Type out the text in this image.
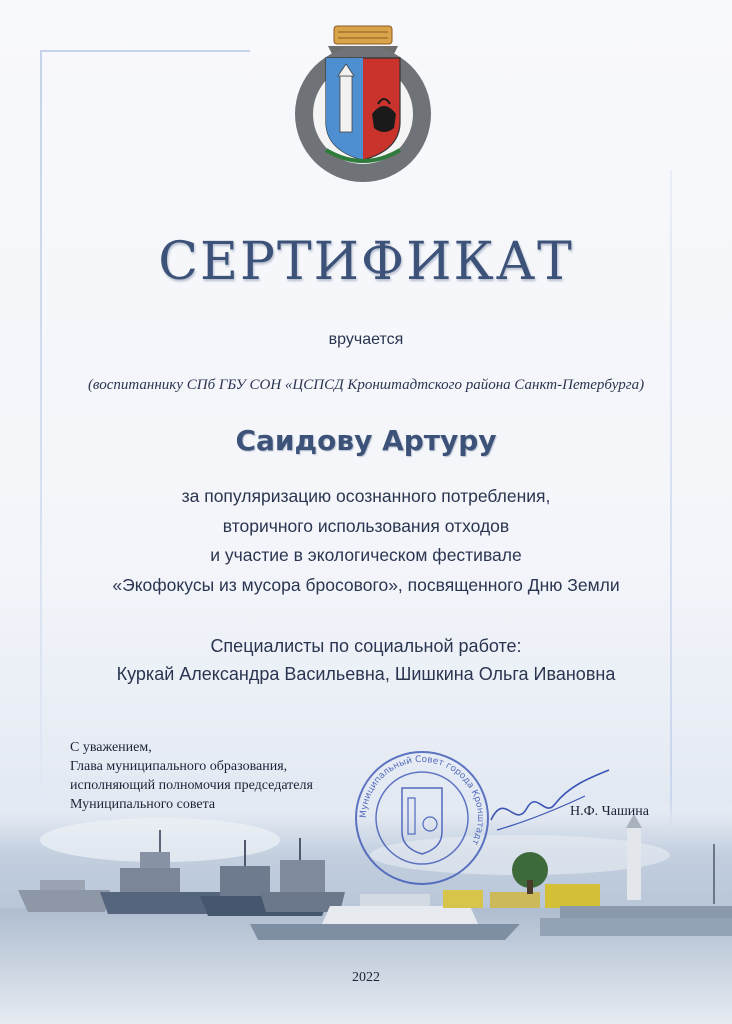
СЕРТИФИКАТ
вручается
(воспитаннику СПб ГБУ СОН «ЦСПСД Кронштадтского района Санкт-Петербурга)
Саидову Артуру
за популяризацию осознанного потребления,
вторичного использования отходов
и участие в экологическом фестивале
«Экофокусы из мусора бросового», посвященного Дню Земли
Специалисты по социальной работе:
Куркай Александра Васильевна, Шишкина Ольга Ивановна
С уважением,
Глава муниципального образования,
исполняющий полномочия председателя
Муниципального совета
Муниципальный Совет города Кронштадт
Н.Ф. Чашина
2022
